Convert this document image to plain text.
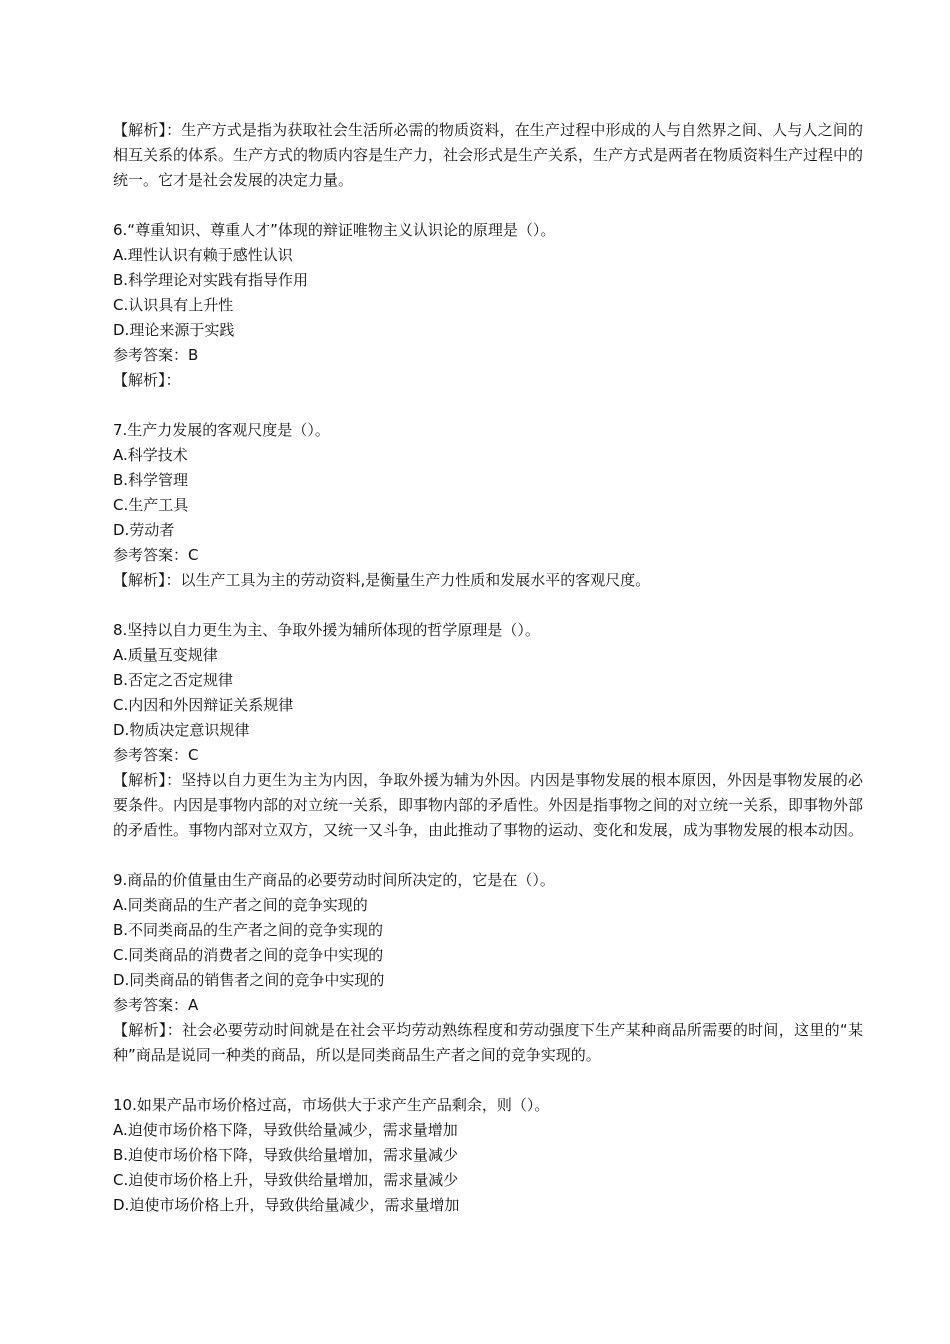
【解析】：生产方式是指为获取社会生活所必需的物质资料，在生产过程中形成的人与自然界之间、人与人之间的相互关系的体系。生产方式的物质内容是生产力，社会形式是生产关系，生产方式是两者在物质资料生产过程中的统一。它才是社会发展的决定力量。

6.“尊重知识、尊重人才”体现的辩证唯物主义认识论的原理是（）。

A.理性认识有赖于感性认识

B.科学理论对实践有指导作用

C.认识具有上升性

D.理论来源于实践

参考答案：B

【解析】：

7.生产力发展的客观尺度是（）。

A.科学技术

B.科学管理

C.生产工具

D.劳动者

参考答案：C

【解析】：以生产工具为主的劳动资料,是衡量生产力性质和发展水平的客观尺度。

8.坚持以自力更生为主、争取外援为辅所体现的哲学原理是（）。

A.质量互变规律

B.否定之否定规律

C.内因和外因辩证关系规律

D.物质决定意识规律

参考答案：C

【解析】：坚持以自力更生为主为内因，争取外援为辅为外因。内因是事物发展的根本原因，外因是事物发展的必要条件。内因是事物内部的对立统一关系，即事物内部的矛盾性。外因是指事物之间的对立统一关系，即事物外部的矛盾性。事物内部对立双方，又统一又斗争，由此推动了事物的运动、变化和发展，成为事物发展的根本动因。

9.商品的价值量由生产商品的必要劳动时间所决定的，它是在（）。

A.同类商品的生产者之间的竞争实现的

B.不同类商品的生产者之间的竞争实现的

C.同类商品的消费者之间的竞争中实现的

D.同类商品的销售者之间的竞争中实现的

参考答案：A

【解析】：社会必要劳动时间就是在社会平均劳动熟练程度和劳动强度下生产某种商品所需要的时间，这里的“某种”商品是说同一种类的商品，所以是同类商品生产者之间的竞争实现的。

10.如果产品市场价格过高，市场供大于求产生产品剩余，则（）。

A.迫使市场价格下降，导致供给量减少，需求量增加

B.迫使市场价格下降，导致供给量增加，需求量减少

C.迫使市场价格上升，导致供给量增加，需求量减少

D.迫使市场价格上升，导致供给量减少，需求量增加
